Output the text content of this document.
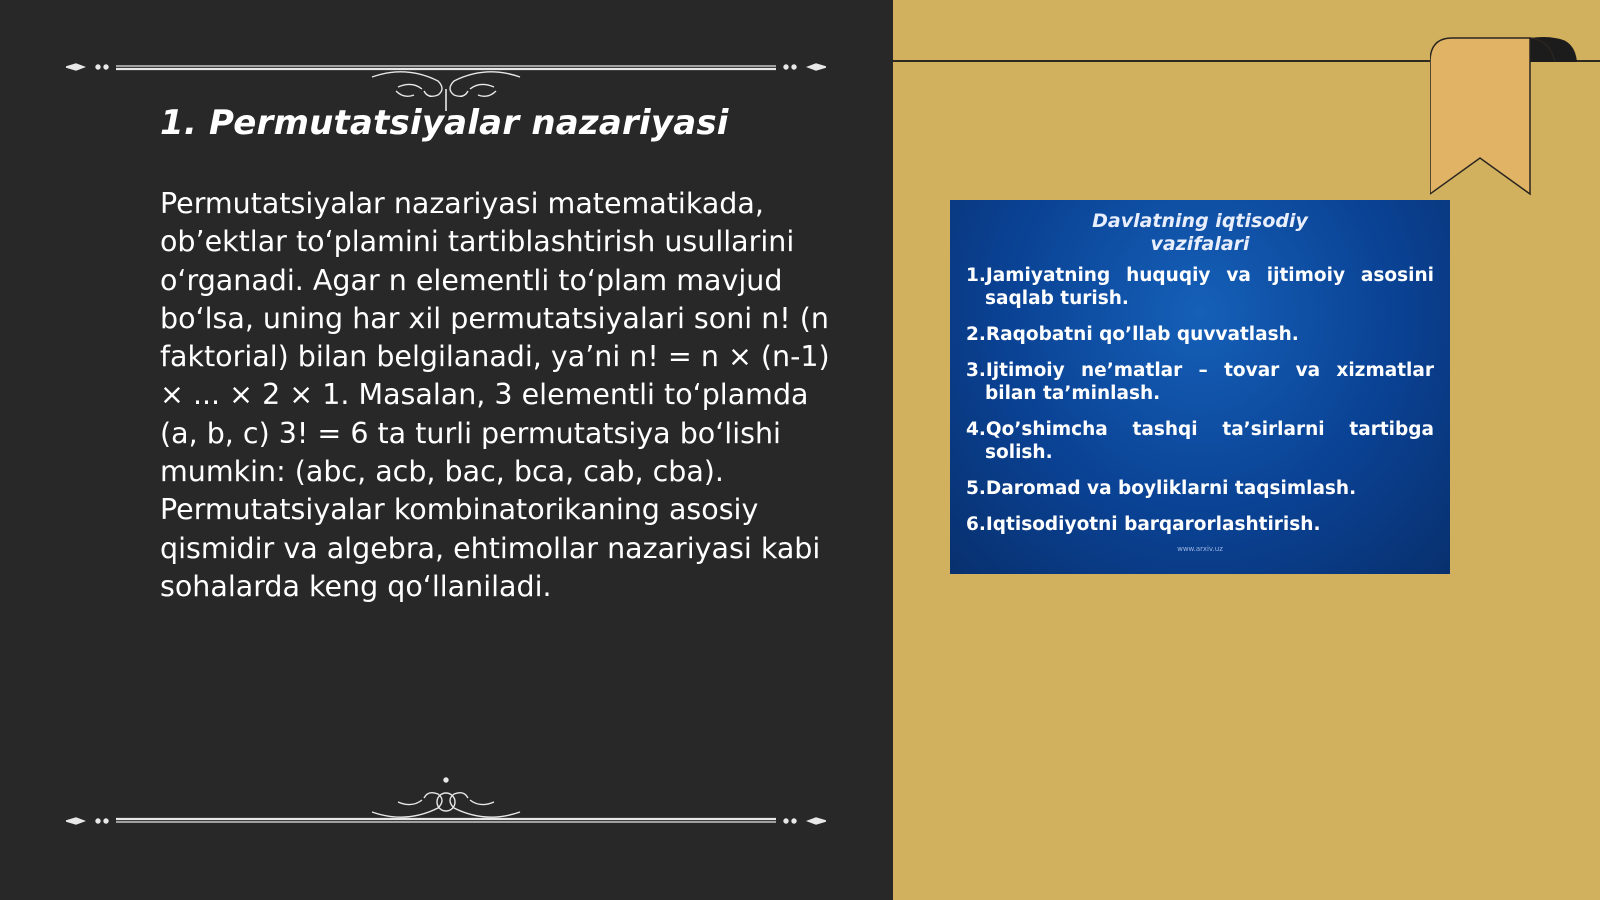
1. Permutatsiyalar nazariyasi

Permutatsiyalar nazariyasi matematikada, ob’ektlar to‘plamini tartiblashtirish usullarini o‘rganadi. Agar n elementli to‘plam mavjud bo‘lsa, uning har xil permutatsiyalari soni n! (n faktorial) bilan belgilanadi, ya’ni n! = n × (n-1) × ... × 2 × 1. Masalan, 3 elementli to‘plamda (a, b, c) 3! = 6 ta turli permutatsiya bo‘lishi mumkin: (abc, acb, bac, bca, cab, cba). Permutatsiyalar kombinatorikaning asosiy qismidir va algebra, ehtimollar nazariyasi kabi sohalarda keng qo‘llaniladi.

Davlatning iqtisodiy
vazifalari
1.Jamiyatning huquqiy va ijtimoiy asosini saqlab turish.
2.Raqobatni qo’llab quvvatlash.
3.Ijtimoiy ne’matlar – tovar va xizmatlar bilan ta’minlash.
4.Qo’shimcha tashqi ta’sirlarni tartibga solish.
5.Daromad va boyliklarni taqsimlash.
6.Iqtisodiyotni barqarorlashtirish.
www.arxiv.uz
